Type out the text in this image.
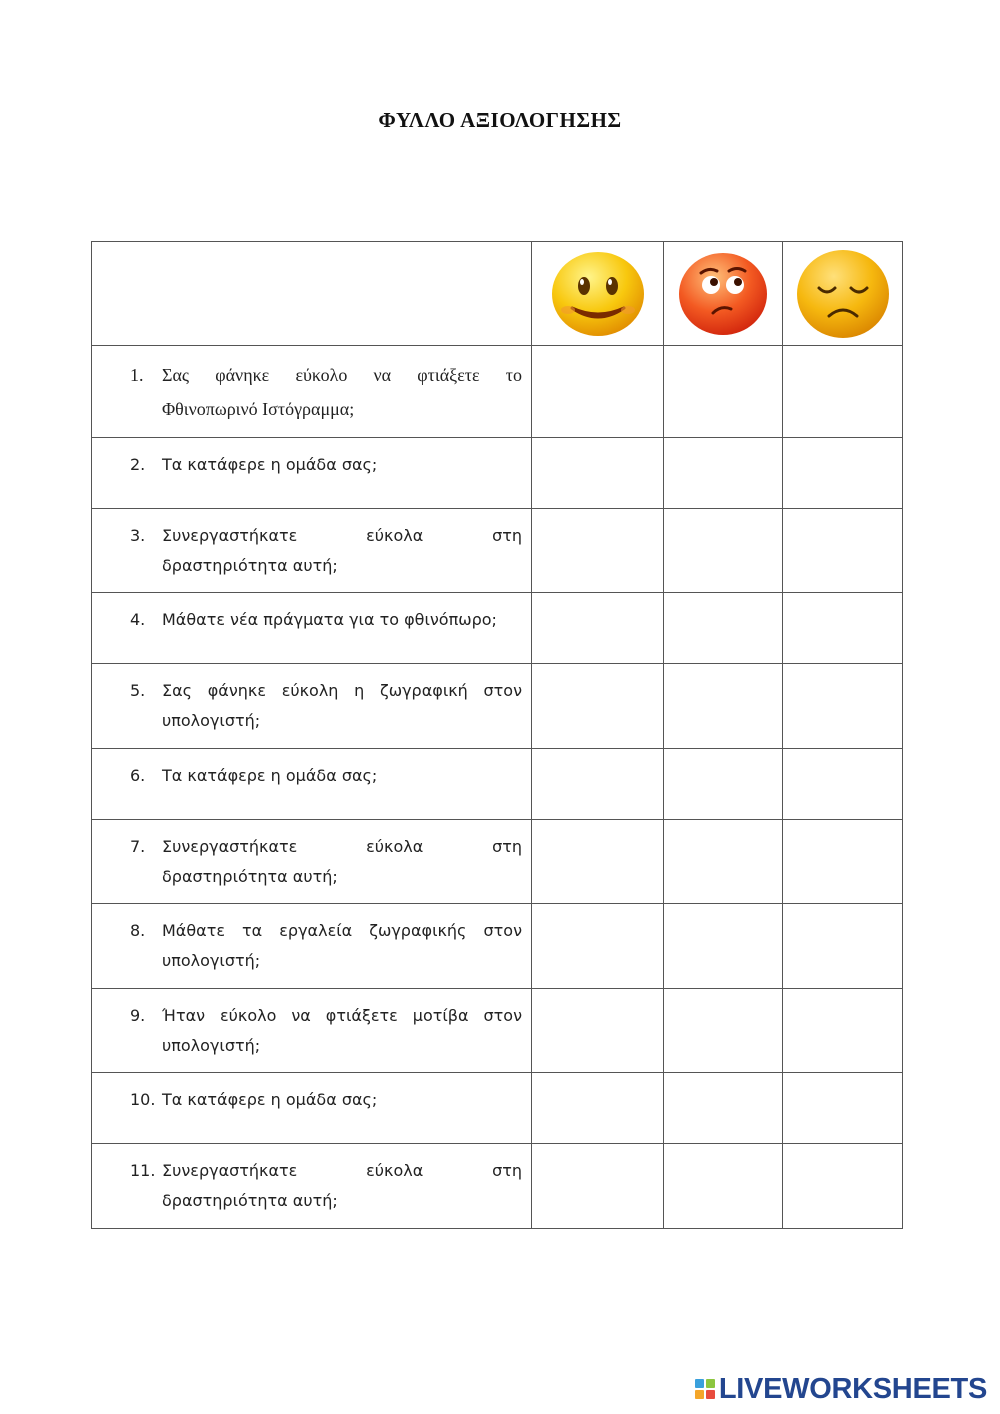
ΦΥΛΛΟ ΑΞΙΟΛΟΓΗΣΗΣ

1. Σας φάνηκε εύκολο να φτιάξετε το
Φθινοπωρινό Ιστόγραμμα;			

2. Τα κατάφερε η ομάδα σας;			

3. Συνεργαστήκατε εύκολα στη
δραστηριότητα αυτή;			

4. Μάθατε νέα πράγματα για το φθινόπωρο;			

5. Σας φάνηκε εύκολη η ζωγραφική στον
υπολογιστή;			

6. Τα κατάφερε η ομάδα σας;			

7. Συνεργαστήκατε εύκολα στη
δραστηριότητα αυτή;			

8. Μάθατε τα εργαλεία ζωγραφικής στον
υπολογιστή;			

9. Ήταν εύκολο να φτιάξετε μοτίβα στον
υπολογιστή;			

10. Τα κατάφερε η ομάδα σας;			

11. Συνεργαστήκατε εύκολα στη
δραστηριότητα αυτή;			

LIVEWORKSHEETS
